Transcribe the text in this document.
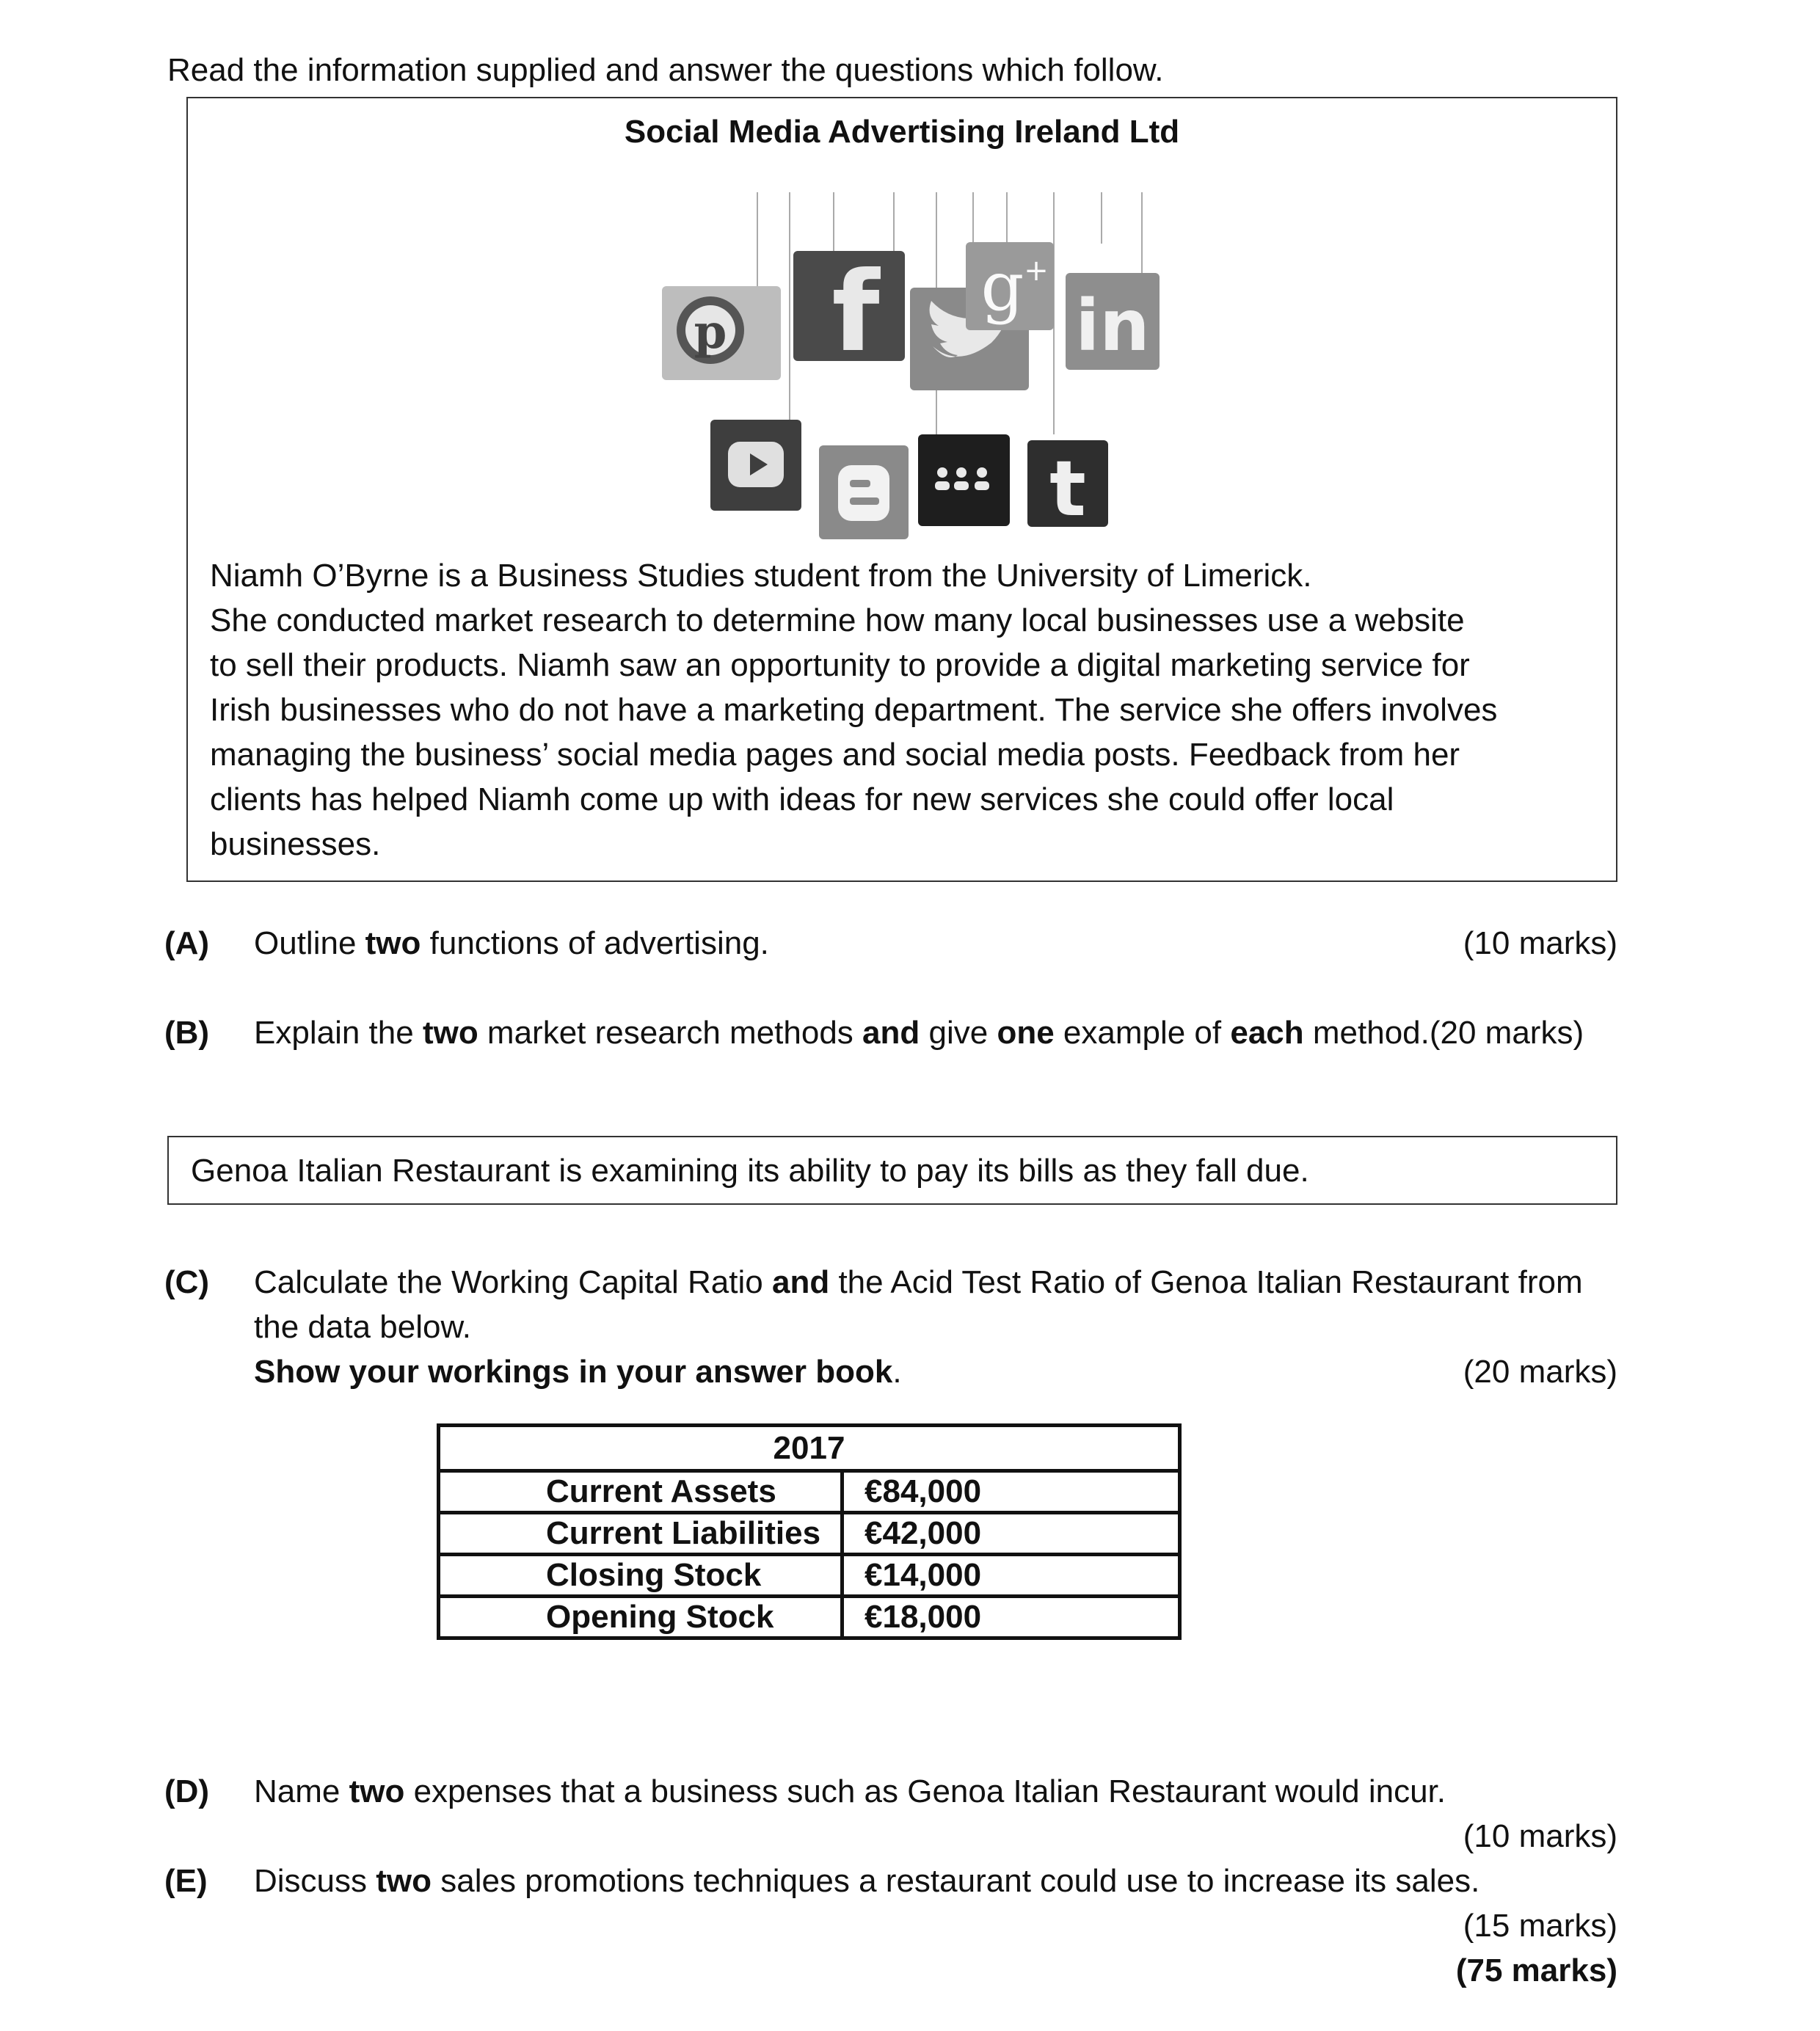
Read the information supplied and answer the questions which follow.
Social Media Advertising Ireland Ltd
p f g +
in
t

Niamh O’Byrne is a Business Studies student from the University of Limerick.

She conducted market research to determine how many local businesses use a website

to sell their products. Niamh saw an opportunity to provide a digital marketing service for

Irish businesses who do not have a marketing department. The service she offers involves

managing the business’ social media pages and social media posts. Feedback from her

clients has helped Niamh come up with ideas for new services she could offer local

businesses.

(A) Outline two functions of advertising.	(10 marks)
(B) Explain the two market research methods and give one example of each method.(20 marks)
Genoa Italian Restaurant is examining its ability to pay its bills as they fall due.
(C) Calculate the Working Capital Ratio and the Acid Test Ratio of Genoa Italian Restaurant from
the data below.
Show your workings in your answer book.	(20 marks)
2017	
Current Assets	€84,000
Current Liabilities	€42,000
Closing Stock	€14,000
Opening Stock	€18,000
(D) Name two expenses that a business such as Genoa Italian Restaurant would incur.
(10 marks)
(E) Discuss two sales promotions techniques a restaurant could use to increase its sales.
(15 marks)
(75 marks)
